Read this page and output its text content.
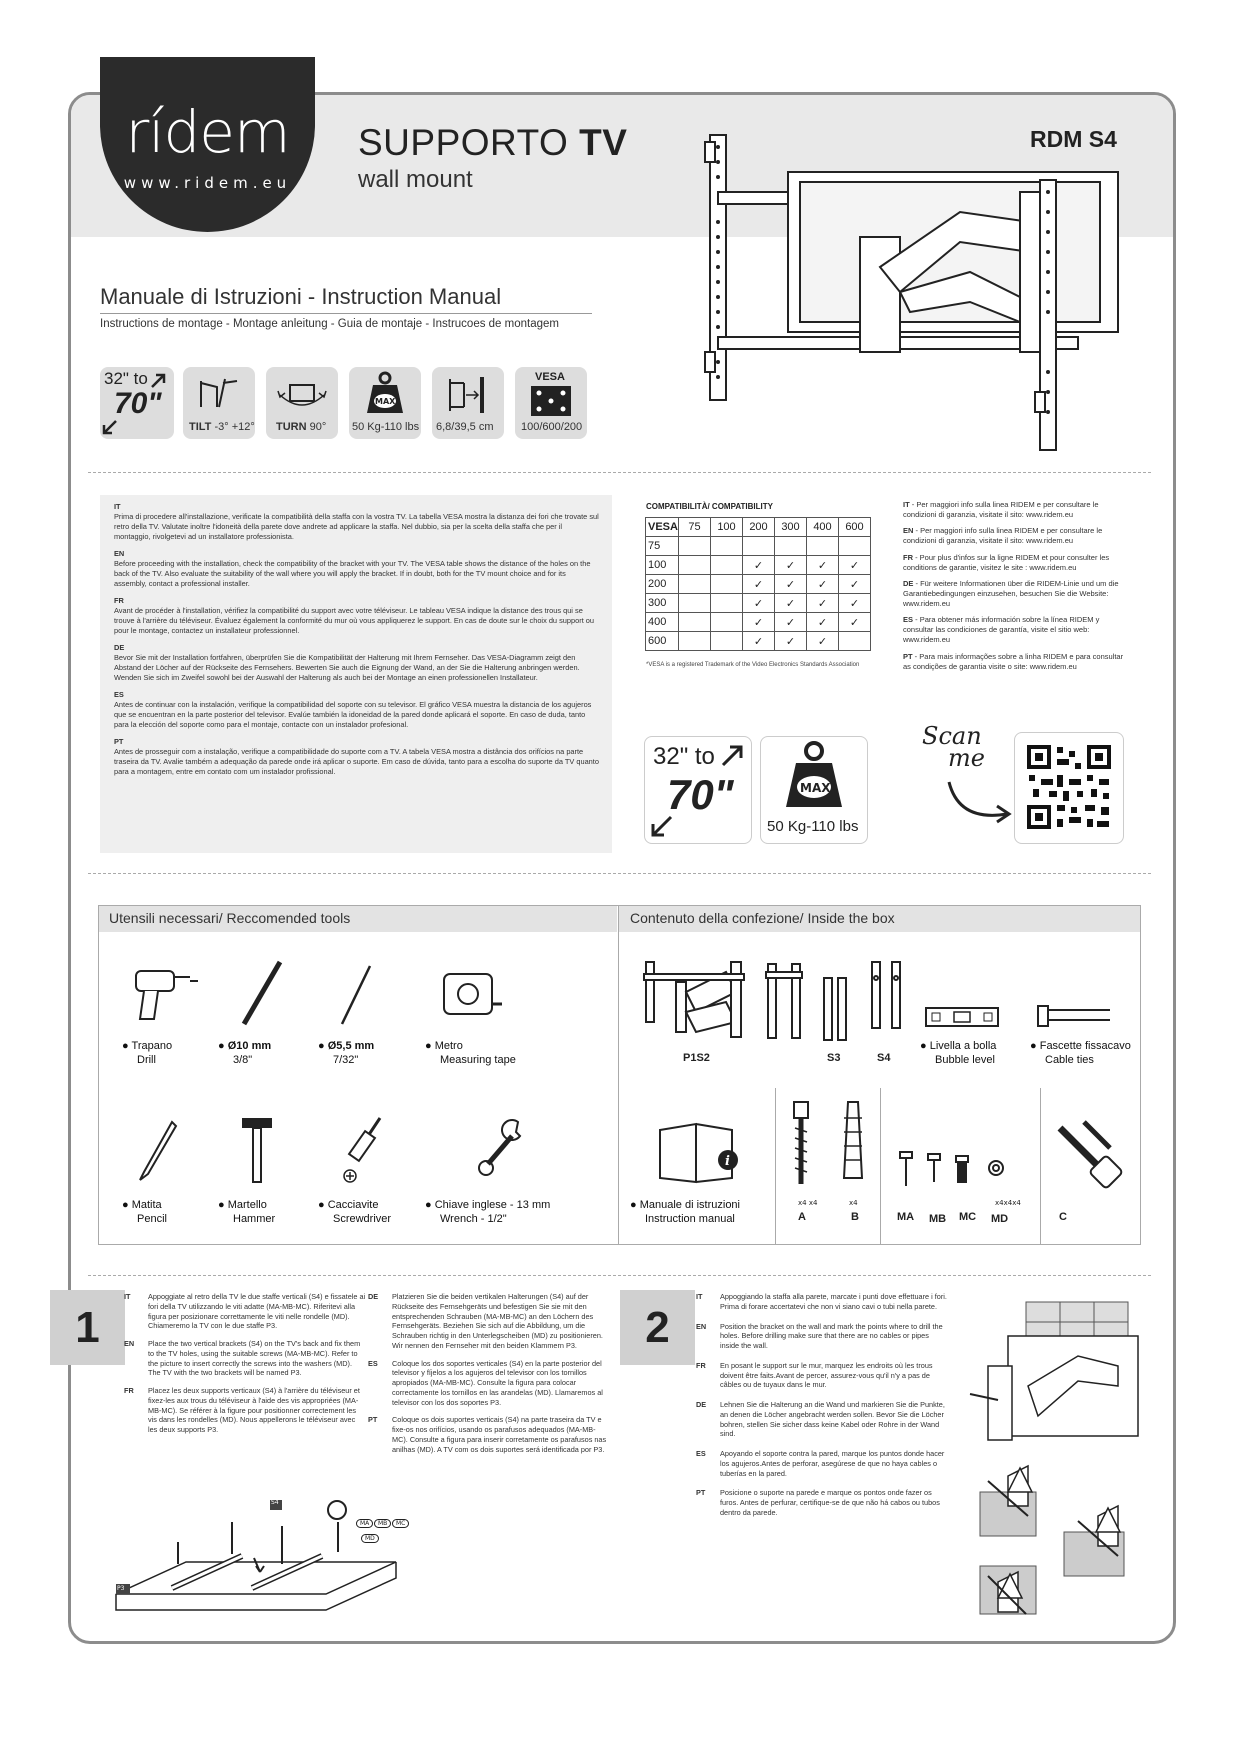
rídem
www.ridem.eu
SUPPORTO TV
wall mount
RDM S4
Manuale di Istruzioni - Instruction Manual
Instructions de montage - Montage anleitung - Guia de montaje - Instrucoes de montagem
32" to
70"
TILT -3° +12° TURN 90°
MAX
50 Kg-110 lbs 6,8/39,5 cm
VESA
100/600/200
IT
Prima di procedere all'installazione, verificate la compatibilità della staffa con la vostra TV. La tabella VESA mostra la distanza dei fori che trovate sul retro della TV. Valutate inoltre l'idoneità della parete dove andrete ad applicare la staffa. Nel dubbio, sia per la scelta della staffa che per il montaggio, rivolgetevi ad un installatore professionista.
EN
Before proceeding with the installation, check the compatibility of the bracket with your TV. The VESA table shows the distance of the holes on the back of the TV. Also evaluate the suitability of the wall where you will apply the bracket. If in doubt, both for the TV mount choice and for its assembly, contact a professional installer.
FR
Avant de procéder à l'installation, vérifiez la compatibilité du support avec votre téléviseur. Le tableau VESA indique la distance des trous qui se trouve à l'arrière du téléviseur. Évaluez également la conformité du mur où vous appliquerez le support. En cas de doute sur le choix du support ou pour le montage, contactez un installateur professionnel.
DE
Bevor Sie mit der Installation fortfahren, überprüfen Sie die Kompatibilität der Halterung mit Ihrem Fernseher. Das VESA-Diagramm zeigt den Abstand der Löcher auf der Rückseite des Fernsehers. Bewerten Sie auch die Eignung der Wand, an der Sie die Halterung anbringen werden. Wenden Sie sich im Zweifel sowohl bei der Auswahl der Halterung als auch bei der Montage an einen professionellen Installateur.
ES
Antes de continuar con la instalación, verifique la compatibilidad del soporte con su televisor. El gráfico VESA muestra la distancia de los agujeros que se encuentran en la parte posterior del televisor. Evalúe también la idoneidad de la pared donde aplicará el soporte. En caso de duda, tanto para la elección del soporte como para el montaje, contacte con un instalador profesional.
PT
Antes de prosseguir com a instalação, verifique a compatibilidade do suporte com a TV. A tabela VESA mostra a distância dos orifícios na parte traseira da TV. Avalie também a adequação da parede onde irá aplicar o suporte. Em caso de dúvida, tanto para a escolha do suporte da TV quanto para a montagem, entre em contato com um instalador profissional.
COMPATIBILITÀ/ COMPATIBILITY
VESA	75	100	200	300	400	600
75						
100			✓	✓	✓	✓
200			✓	✓	✓	✓
300			✓	✓	✓	✓
400			✓	✓	✓	✓
600			✓	✓	✓	
*VESA is a registered Trademark of the Video Electronics Standards Association
IT - Per maggiori info sulla linea RIDEM e per consultare le condizioni di garanzia, visitate il sito: www.ridem.eu
EN - Per maggiori info sulla linea RIDEM e per consultare le condizioni di garanzia, visitate il sito: www.ridem.eu
FR - Pour plus d'infos sur la ligne RIDEM et pour consulter les conditions de garantie, visitez le site : www.ridem.eu
DE - Für weitere Informationen über die RIDEM-Linie und um die Garantiebedingungen einzusehen, besuchen Sie die Website: www.ridem.eu
ES - Para obtener más información sobre la línea RIDEM y consultar las condiciones de garantía, visite el sitio web: www.ridem.eu
PT - Para mais informações sobre a linha RIDEM e para consultar as condições de garantia visite o site: www.ridem.eu
32" to
70"	MAX
50 Kg-110 lbs
Scan
me
Utensili necessari/ Reccomended tools	Contenuto della confezione/ Inside the box
● Trapano
Drill
● Ø10 mm
3/8"
● Ø5,5 mm
7/32"
● Metro
Measuring tape
● Matita
Pencil
● Martello
Hammer
● Cacciavite
Screwdriver
● Chiave inglese - 13 mm
Wrench - 1/2"
P1S2	S3	S4
● Livella a bolla
Bubble level
● Fascette fissacavo
Cable ties
i
● Manuale di istruzioni
Instruction manual
x4 x4
A
x4
B	MA MB MC
x4x4x4
MD	C
1
IT Appoggiate al retro della TV le due staffe verticali (S4) e fissatele ai fori della TV utilizzando le viti adatte (MA-MB-MC). Riferitevi alla figura per posizionare correttamente le viti nelle rondelle (MD). Chiameremo la TV con le due staffe P3.
EN Place the two vertical brackets (S4) on the TV's back and fix them to the TV holes, using the suitable screws (MA-MB-MC). Refer to the picture to insert correctly the screws into the washers (MD). The TV with the two brackets will be named P3.
FR Placez les deux supports verticaux (S4) à l'arrière du téléviseur et fixez-les aux trous du téléviseur à l'aide des vis appropriées (MA-MB-MC). Se référer à la figure pour positionner correctement les vis dans les rondelles (MD). Nous appellerons le téléviseur avec les deux supports P3.
DE Platzieren Sie die beiden vertikalen Halterungen (S4) auf der Rückseite des Fernsehgeräts und befestigen Sie sie mit den entsprechenden Schrauben (MA-MB-MC) an den Löchern des Fernsehgeräts. Beziehen Sie sich auf die Abbildung, um die Schrauben richtig in den Unterlegscheiben (MD) zu positionieren. Wir nennen den Fernseher mit den beiden Klammern P3.
ES Coloque los dos soportes verticales (S4) en la parte posterior del televisor y fíjelos a los agujeros del televisor con los tornillos apropiados (MA-MB-MC). Consulte la figura para colocar correctamente los tornillos en las arandelas (MD). Llamaremos al televisor con los dos soportes P3.
PT Coloque os dois suportes verticais (S4) na parte traseira da TV e fixe-os nos orifícios, usando os parafusos adequados (MA-MB-MC). Consulte a figura para inserir corretamente os parafusos nas anilhas (MD). A TV com os dois suportes será identificada por P3.
S4
P3
MA	MB	MC
MD
2
IT Appoggiando la staffa alla parete, marcate i punti dove effettuare i fori. Prima di forare accertatevi che non vi siano cavi o tubi nella parete.
EN Position the bracket on the wall and mark the points where to drill the holes. Before drilling make sure that there are no cables or pipes inside the wall.
FR En posant le support sur le mur, marquez les endroits où les trous doivent être faits.Avant de percer, assurez-vous qu'il n'y a pas de câbles ou de tuyaux dans le mur.
DE Lehnen Sie die Halterung an die Wand und markieren Sie die Punkte, an denen die Löcher angebracht werden sollen. Bevor Sie die Löcher bohren, stellen Sie sicher dass keine Kabel oder Rohre in der Wand sind.
ES Apoyando el soporte contra la pared, marque los puntos donde hacer los agujeros.Antes de perforar, asegúrese de que no haya cables o tuberías en la pared.
PT Posicione o suporte na parede e marque os pontos onde fazer os furos. Antes de perfurar, certifique-se de que não há cabos ou tubos dentro da parede.
